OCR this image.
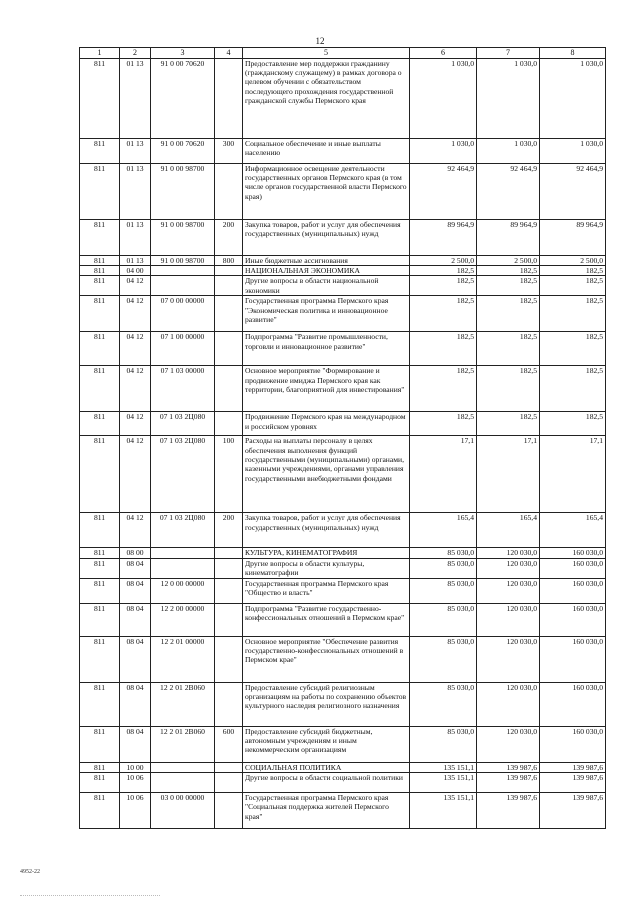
12
1	2	3	4	5	6	7	8
811	01 13	91 0 00 70620		Предоставление мер поддержки гражданину (гражданскому служащему) в рамках договора о целевом обучении с обязательством последующего прохождения государственной гражданской службы Пермского края	1 030,0	1 030,0	1 030,0
811	01 13	91 0 00 70620	300	Социальное обеспечение и иные выплаты населению	1 030,0	1 030,0	1 030,0
811	01 13	91 0 00 98700		Информационное освещение деятельности государственных органов Пермского края (в том числе органов государственной власти Пермского края)	92 464,9	92 464,9	92 464,9
811	01 13	91 0 00 98700	200	Закупка товаров, работ и услуг для обеспечения государственных (муниципальных) нужд	89 964,9	89 964,9	89 964,9
811	01 13	91 0 00 98700	800	Иные бюджетные ассигнования	2 500,0	2 500,0	2 500,0
811	04 00			НАЦИОНАЛЬНАЯ ЭКОНОМИКА	182,5	182,5	182,5
811	04 12			Другие вопросы в области национальной экономики	182,5	182,5	182,5
811	04 12	07 0 00 00000		Государственная программа Пермского края "Экономическая политика и инновационное развитие"	182,5	182,5	182,5
811	04 12	07 1 00 00000		Подпрограмма "Развитие промышленности, торговли и инновационное развитие"	182,5	182,5	182,5
811	04 12	07 1 03 00000		Основное мероприятие "Формирование и продвижение имиджа Пермского края как территории, благоприятной для инвестирования"	182,5	182,5	182,5
811	04 12	07 1 03 2Ц080		Продвижение Пермского края на международном и российском уровнях	182,5	182,5	182,5
811	04 12	07 1 03 2Ц080	100	Расходы на выплаты персоналу в целях обеспечения выполнения функций государственными (муниципальными) органами, казенными учреждениями, органами управления государственными внебюджетными фондами	17,1	17,1	17,1
811	04 12	07 1 03 2Ц080	200	Закупка товаров, работ и услуг для обеспечения государственных (муниципальных) нужд	165,4	165,4	165,4
811	08 00			КУЛЬТУРА, КИНЕМАТОГРАФИЯ	85 030,0	120 030,0	160 030,0
811	08 04			Другие вопросы в области культуры, кинематографии	85 030,0	120 030,0	160 030,0
811	08 04	12 0 00 00000		Государственная программа Пермского края "Общество и власть"	85 030,0	120 030,0	160 030,0
811	08 04	12 2 00 00000		Подпрограмма "Развитие государственно-конфессиональных отношений в Пермском крае"	85 030,0	120 030,0	160 030,0
811	08 04	12 2 01 00000		Основное мероприятие "Обеспечение развития государственно-конфессиональных отношений в Пермском крае"	85 030,0	120 030,0	160 030,0
811	08 04	12 2 01 2В060		Предоставление субсидий религиозным организациям на работы по сохранению объектов культурного наследия религиозного назначения	85 030,0	120 030,0	160 030,0
811	08 04	12 2 01 2В060	600	Предоставление субсидий бюджетным, автономным учреждениям и иным некоммерческим организациям	85 030,0	120 030,0	160 030,0
811	10 00			СОЦИАЛЬНАЯ ПОЛИТИКА	135 151,1	139 987,6	139 987,6
811	10 06			Другие вопросы в области социальной политики	135 151,1	139 987,6	139 987,6
811	10 06	03 0 00 00000		Государственная программа Пермского края "Социальная поддержка жителей Пермского края"	135 151,1	139 987,6	139 987,6
4952-22
